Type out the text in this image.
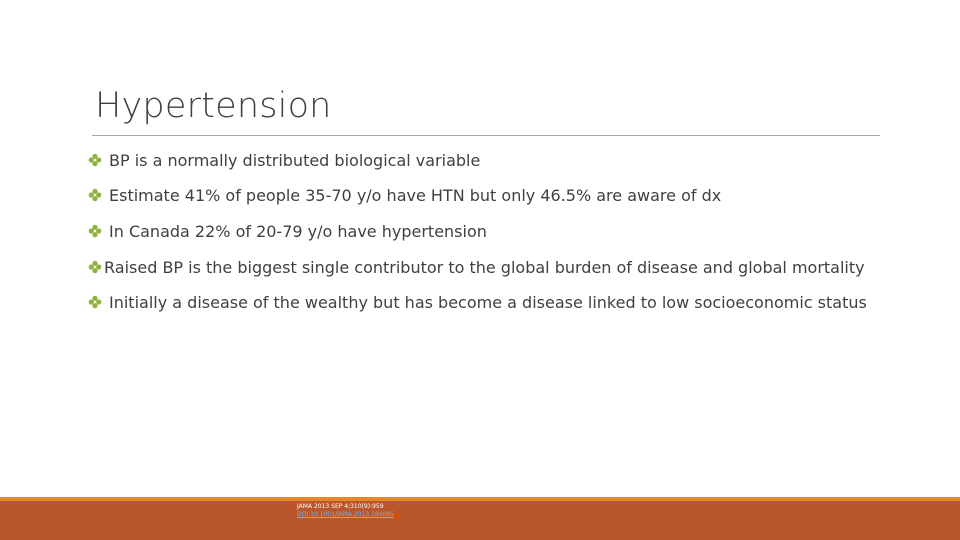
Hypertension
BP is a normally distributed biological variable
Estimate 41% of people 35-70 y/o have HTN but only 46.5% are aware of dx
In Canada 22% of 20-79 y/o have hypertension
Raised BP is the biggest single contributor to the global burden of disease and global mortality
Initially a disease of the wealthy but has become a disease linked to low socioeconomic status
JAMA 2013 SEP 4;310(9):959
DOI:10.1001/JAMA.2013.184085
